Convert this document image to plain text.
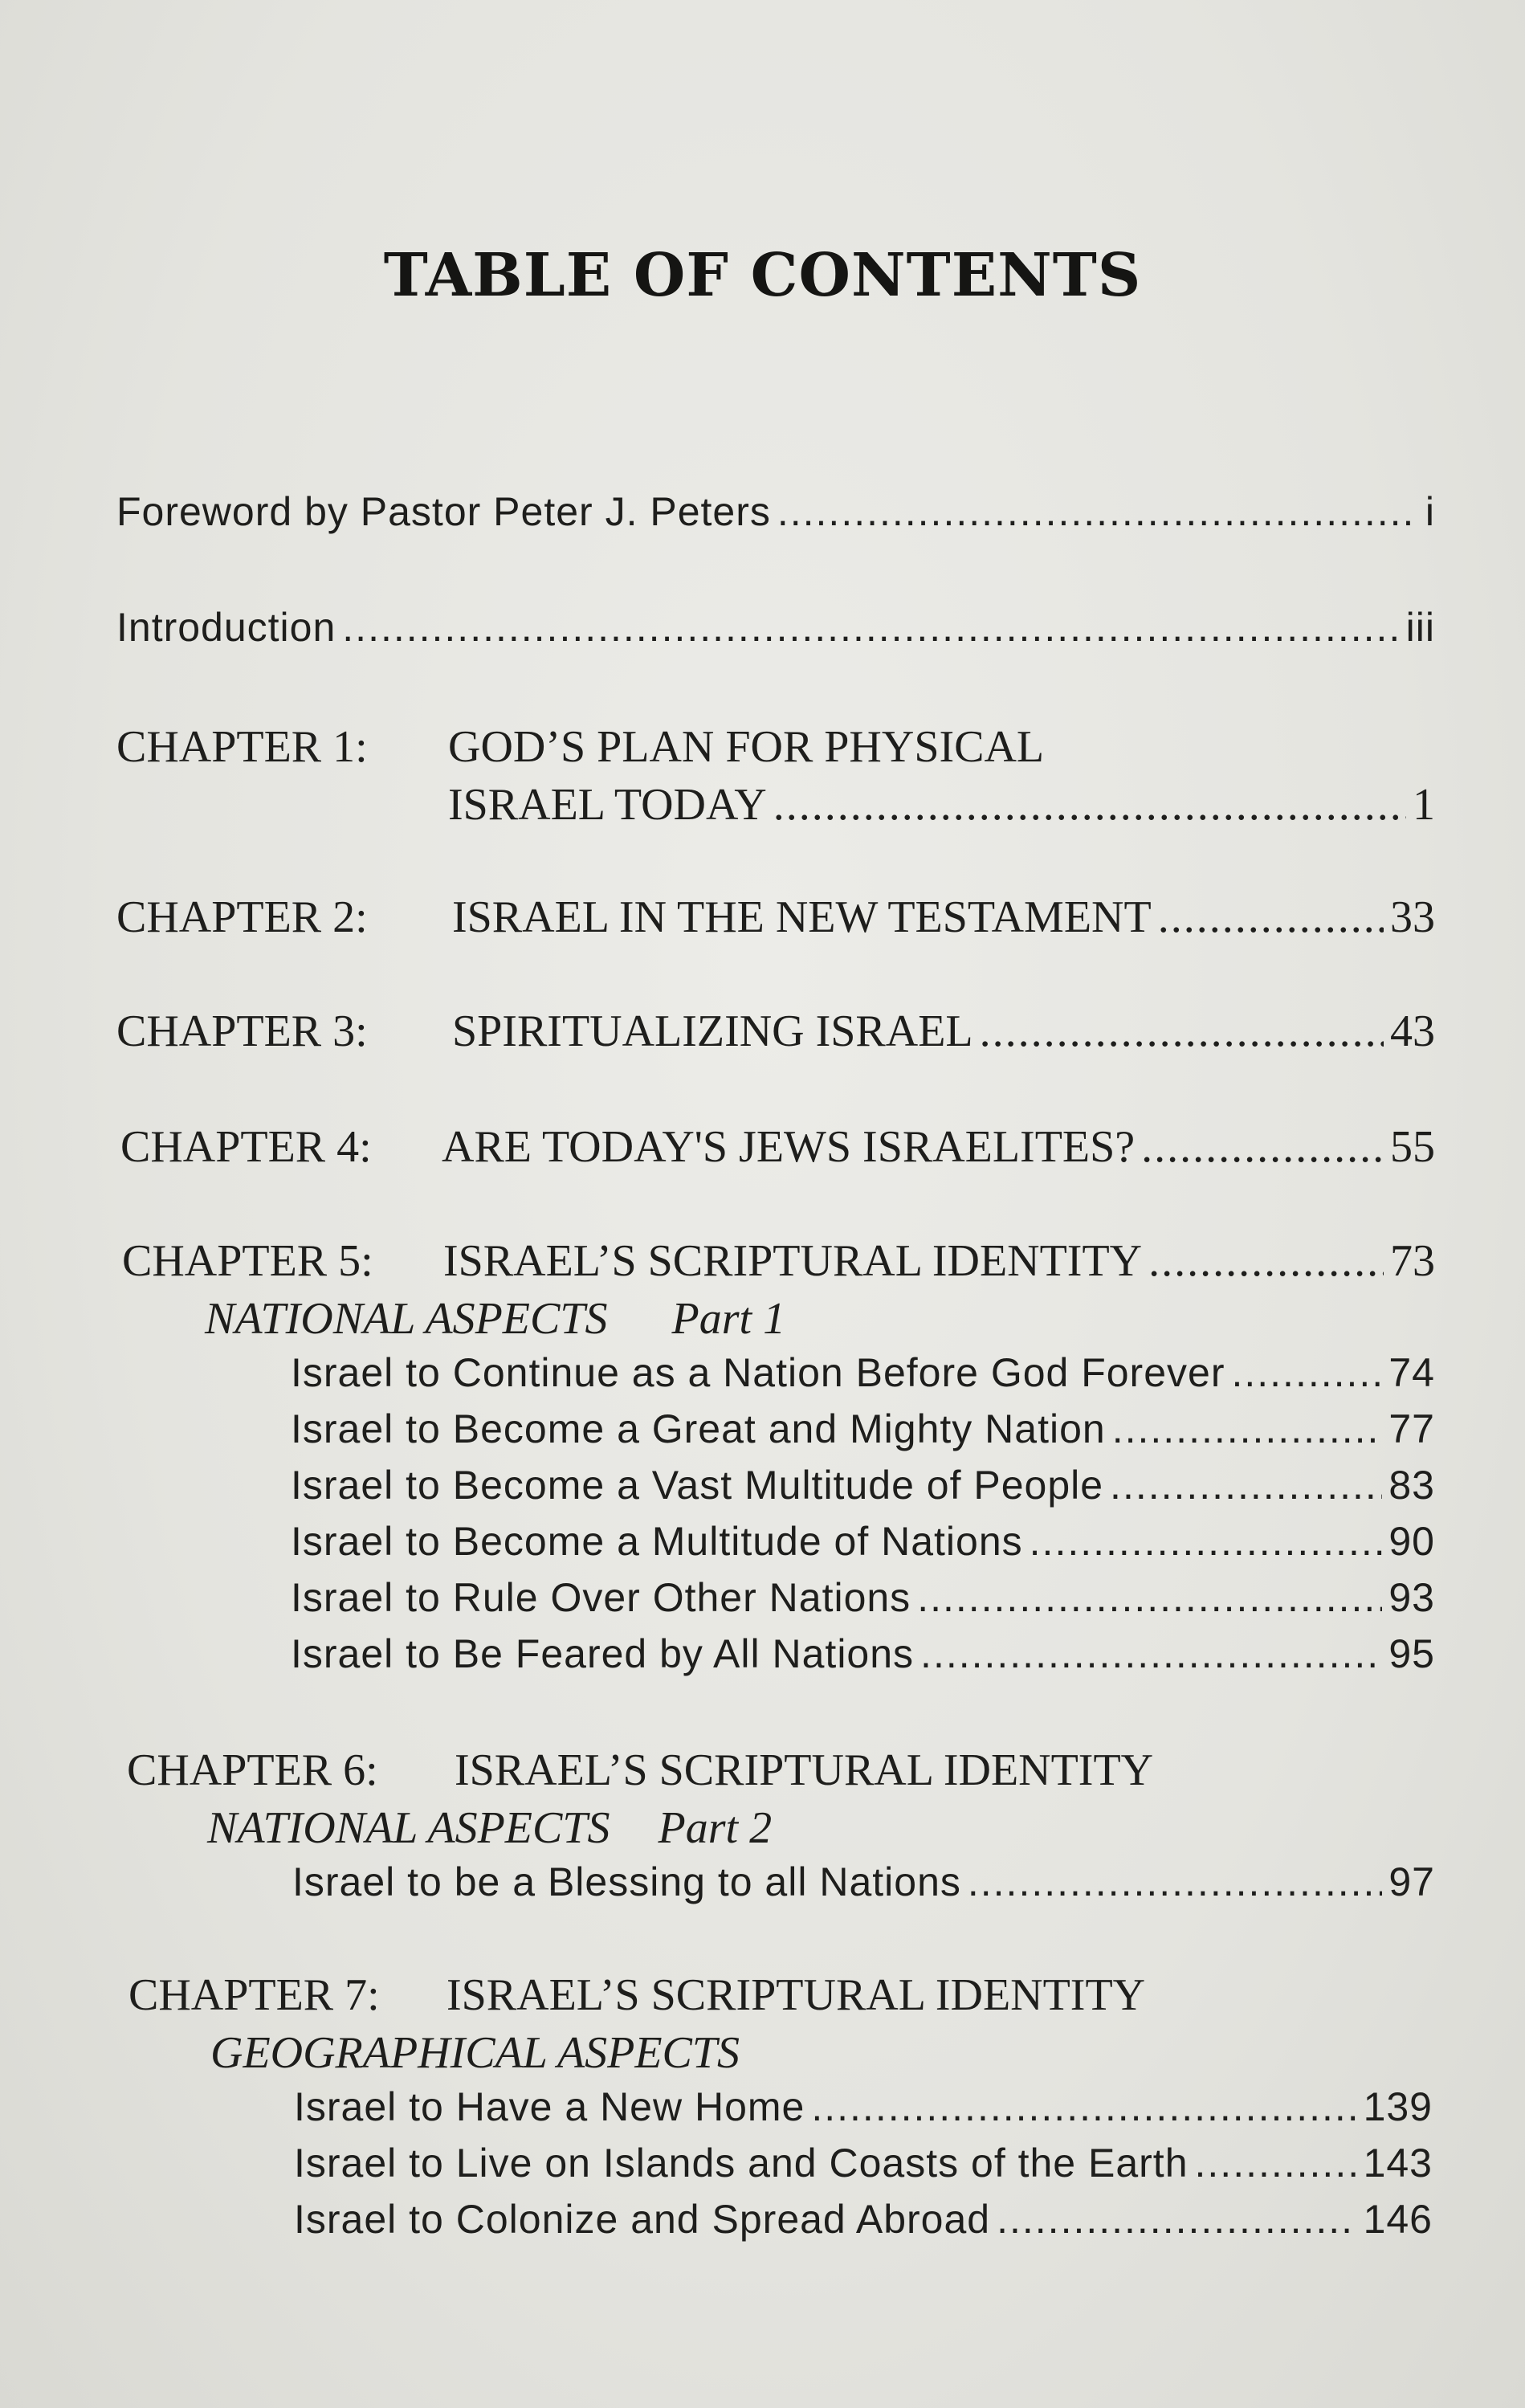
TABLE OF CONTENTS
Foreword by Pastor Peter J. Peters .....	i
Introduction .....	iii
CHAPTER 1: GOD’S PLAN FOR PHYSICAL
ISRAEL TODAY .....	1
CHAPTER 2:	ISRAEL IN THE NEW TESTAMENT .....	33
CHAPTER 3:	SPIRITUALIZING ISRAEL .....	43
CHAPTER 4:	ARE TODAY'S JEWS ISRAELITES? .....	55
CHAPTER 5:	ISRAEL’S SCRIPTURAL IDENTITY .....	73
NATIONAL ASPECTS Part 1
Israel to Continue as a Nation Before God Forever .....	74
Israel to Become a Great and Mighty Nation .....	77
Israel to Become a Vast Multitude of People .....	83
Israel to Become a Multitude of Nations .....	90
Israel to Rule Over Other Nations .....	93
Israel to Be Feared by All Nations .....	95
CHAPTER 6: ISRAEL’S SCRIPTURAL IDENTITY
NATIONAL ASPECTS Part 2
Israel to be a Blessing to all Nations .....	97
CHAPTER 7: ISRAEL’S SCRIPTURAL IDENTITY
GEOGRAPHICAL ASPECTS
Israel to Have a New Home .....	139
Israel to Live on Islands and Coasts of the Earth .....	143
Israel to Colonize and Spread Abroad .....	146
